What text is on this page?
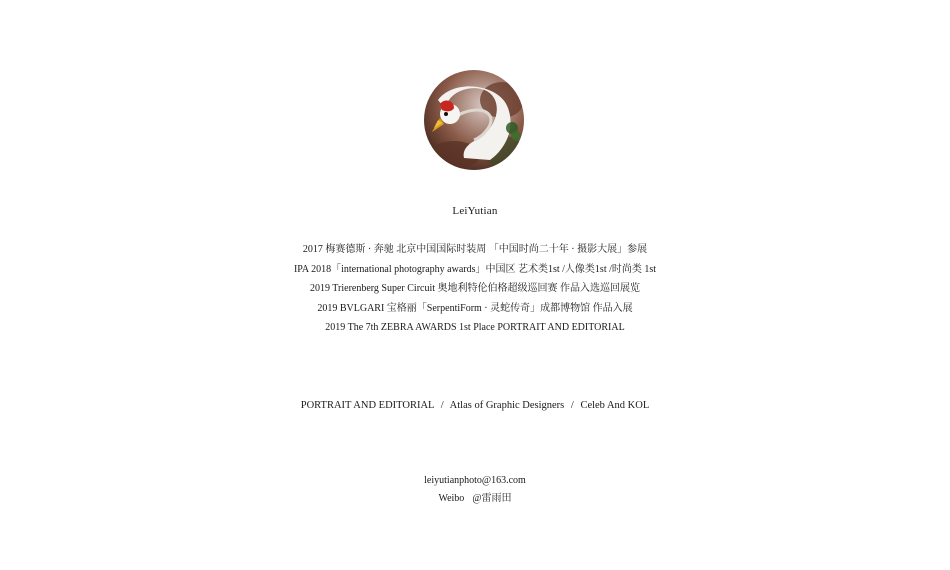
LeiYutian
2017 梅赛德斯 · 奔驰 北京中国国际时装周 「中国时尚二十年 · 摄影大展」参展
IPA 2018「international photography awards」中国区 艺术类1st /人像类1st /时尚类 1st
2019 Trierenberg Super Circuit 奥地利特伦伯格超级巡回赛 作品入选巡回展览
2019 BVLGARI 宝格丽「SerpentiForm · 灵蛇传奇」成都博物馆 作品入展
2019 The 7th ZEBRA AWARDS 1st Place PORTRAIT AND EDITORIAL
PORTRAIT AND EDITORIAL / Atlas of Graphic Designers / Celeb And KOL
leiyutianphoto@163.com
Weibo @雷雨田
